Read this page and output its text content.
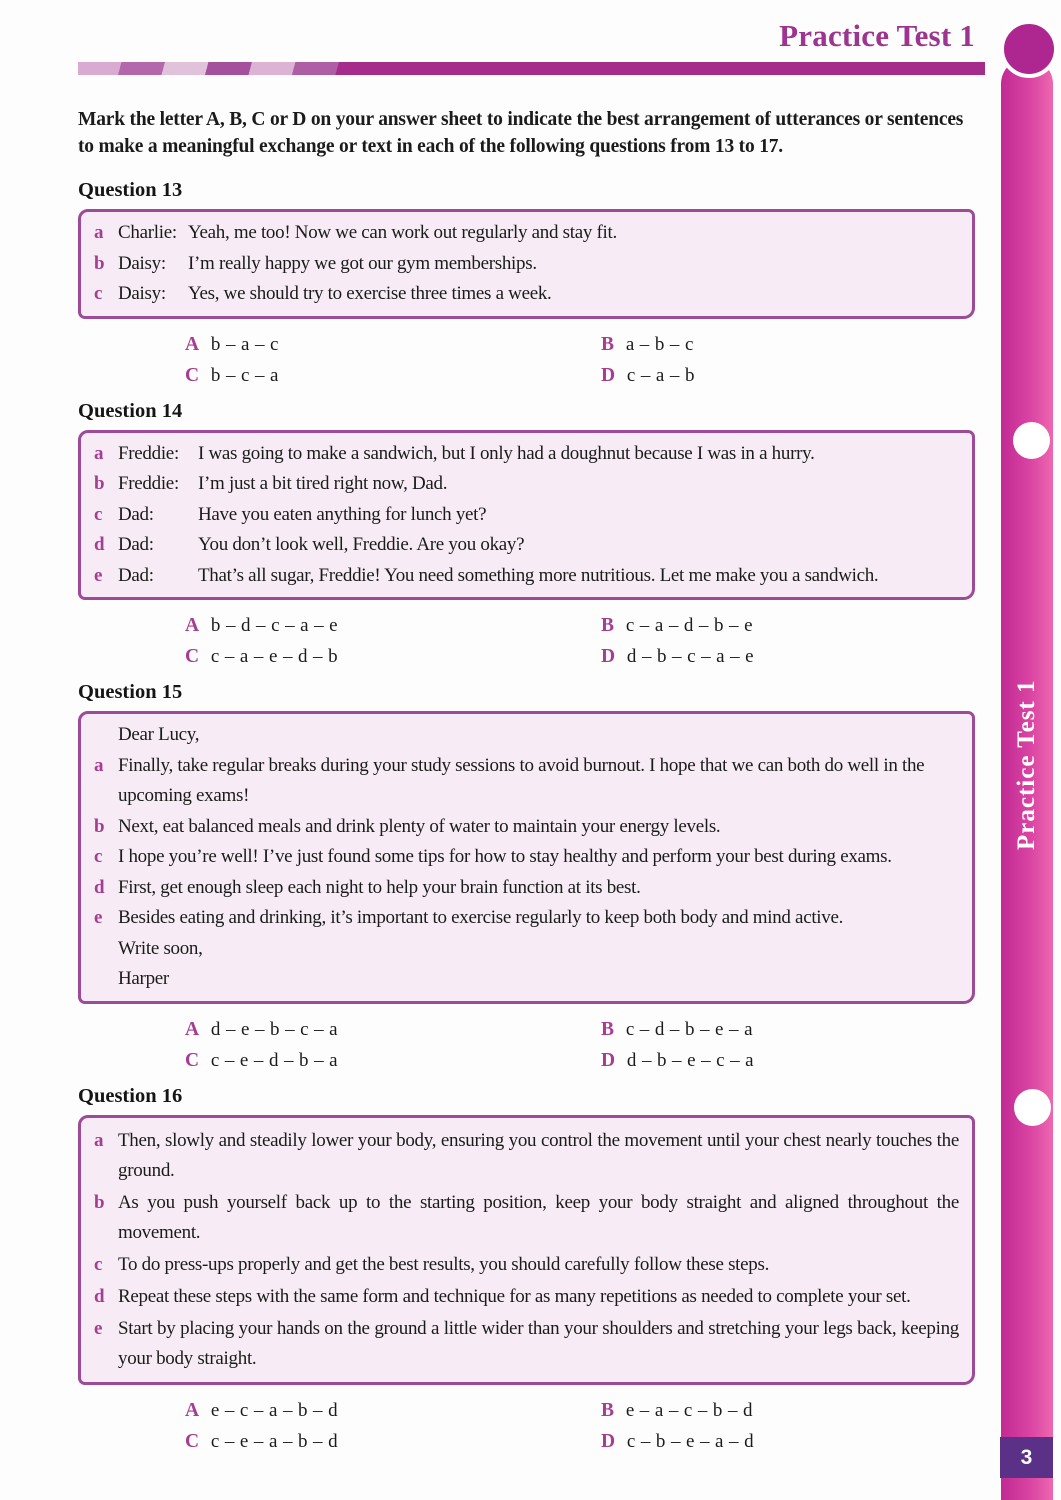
Practice Test 1

Mark the letter A, B, C or D on your answer sheet to indicate the best arrangement of utterances or sentences to make a meaningful exchange or text in each of the following questions from 13 to 17.

Question 13
a Charlie: Yeah, me too! Now we can work out regularly and stay fit.
b Daisy:	I’m really happy we got our gym memberships.
c Daisy:	Yes, we should try to exercise three times a week.
A b – a – c	B a – b – c
C b – c – a	D c – a – b
Question 14
a Freddie:	I was going to make a sandwich, but I only had a doughnut because I was in a hurry.
b Freddie:	I’m just a bit tired right now, Dad.
c Dad:	Have you eaten anything for lunch yet?
d Dad:	You don’t look well, Freddie. Are you okay?
e Dad:	That’s all sugar, Freddie! You need something more nutritious. Let me make you a sandwich.
A b – d – c – a – e	B c – a – d – b – e
C c – a – e – d – b	D d – b – c – a – e
Question 15
Dear Lucy,
a Finally, take regular breaks during your study sessions to avoid burnout. I hope that we can both do well in the upcoming exams!
b Next, eat balanced meals and drink plenty of water to maintain your energy levels.
c I hope you’re well! I’ve just found some tips for how to stay healthy and perform your best during exams.
d First, get enough sleep each night to help your brain function at its best.
e Besides eating and drinking, it’s important to exercise regularly to keep both body and mind active.
Write soon,
Harper
A d – e – b – c – a	B c – d – b – e – a
C c – e – d – b – a	D d – b – e – c – a
Question 16
a Then, slowly and steadily lower your body, ensuring you control the movement until your chest nearly touches the ground.
b As you push yourself back up to the starting position, keep your body straight and aligned throughout the movement.
c To do press-ups properly and get the best results, you should carefully follow these steps.
d Repeat these steps with the same form and technique for as many repetitions as needed to complete your set.
e Start by placing your hands on the ground a little wider than your shoulders and stretching your legs back, keeping your body straight.
A e – c – a – b – d	B e – a – c – b – d
C c – e – a – b – d	D c – b – e – a – d
Practice Test 1
3
